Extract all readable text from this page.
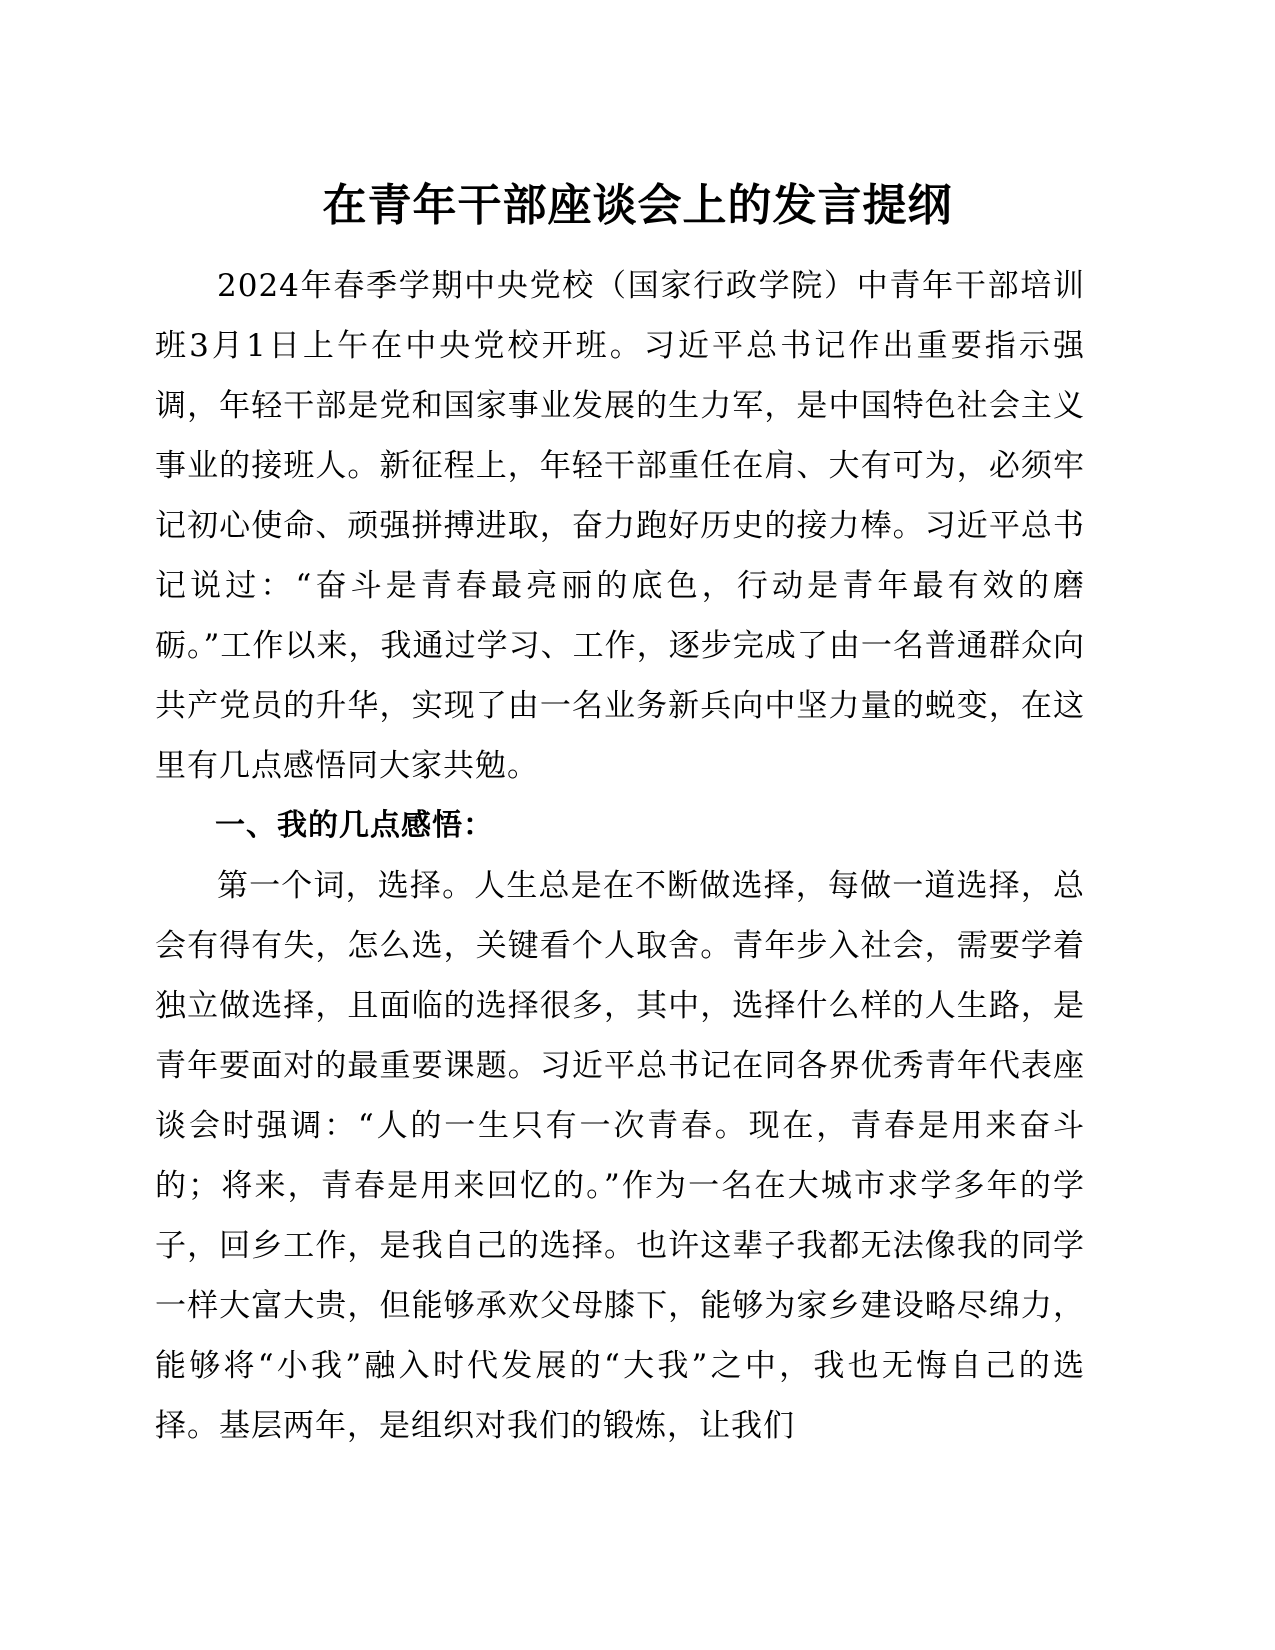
在青年干部座谈会上的发言提纲

2024年春季学期中央党校（国家行政学院）中青年干部培训班3月1日上午在中央党校开班。习近平总书记作出重要指示强调，年轻干部是党和国家事业发展的生力军，是中国特色社会主义事业的接班人。新征程上，年轻干部重任在肩、大有可为，必须牢记初心使命、顽强拼搏进取，奋力跑好历史的接力棒。习近平总书记说过：“奋斗是青春最亮丽的底色，行动是青年最有效的磨砺。”工作以来，我通过学习、工作，逐步完成了由一名普通群众向共产党员的升华，实现了由一名业务新兵向中坚力量的蜕变，在这里有几点感悟同大家共勉。

一、我的几点感悟：

第一个词，选择。人生总是在不断做选择，每做一道选择，总会有得有失，怎么选，关键看个人取舍。青年步入社会，需要学着独立做选择，且面临的选择很多，其中，选择什么样的人生路，是青年要面对的最重要课题。习近平总书记在同各界优秀青年代表座谈会时强调：“人的一生只有一次青春。现在，青春是用来奋斗的；将来，青春是用来回忆的。”作为一名在大城市求学多年的学子，回乡工作，是我自己的选择。也许这辈子我都无法像我的同学一样大富大贵，但能够承欢父母膝下，能够为家乡建设略尽绵力，能够将“小我”融入时代发展的“大我”之中，我也无悔自己的选择。基层两年，是组织对我们的锻炼，让我们
